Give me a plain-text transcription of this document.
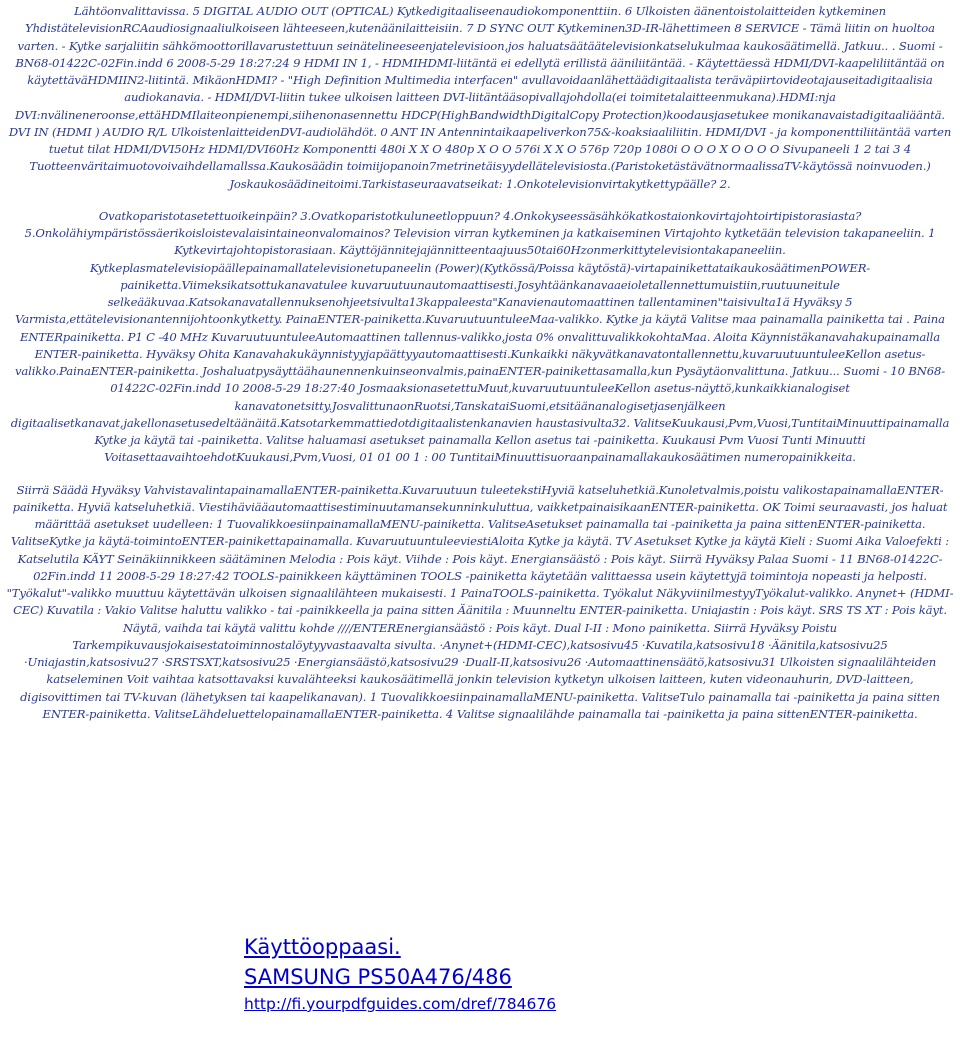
Lähtöonvalittavissa. 5 DIGITAL AUDIO OUT (OPTICAL) Kytkedigitaaliseenaudiokomponenttiin. 6 Ulkoisten äänentoistolaitteiden kytkeminen YhdistätelevisionRCAaudiosignaaliulkoiseen lähteeseen,kutenäänilaitteisiin. 7 D SYNC OUT Kytkeminen3D-IR-lähettimeen 8 SERVICE - Tämä liitin on huoltoa varten. - Kytke sarjaliitin sähkömoottorillavarustettuun seinätelineeseenjatelevisioon,jos haluatsäätäätelevisionkatselukulmaa kaukosäätimellä. Jatkuu.. . Suomi - BN68-01422C-02Fin.indd 6 2008-5-29 18:27:24 9 HDMI IN 1, - HDMIHDMI-liitäntä ei edellytä erillistä ääniliitäntää. - Käytettäessä HDMI/DVI-kaapeliliitäntää on käytettäväHDMIIN2-liitintä. MikäonHDMI? - "High Definition Multimedia interfacen" avullavoidaanlähettäädigitaalista teräväpiirtovideotajauseitadigitaalisia audiokanavia. - HDMI/DVI-liitin tukee ulkoisen laitteen DVI-liitäntääsopivallajohdolla(ei toimitetalaitteenmukana).HDMI:nja DVI:nvälineneroonse,ettäHDMIlaiteonpienempi,siihenonasennettu HDCP(HighBandwidthDigitalCopy Protection)koodausjasetukee monikanavaistadigitaaliääntä. DVI IN (HDMI ) AUDIO R/L UlkoistenlaitteidenDVI-audiolähdöt. 0 ANT IN Antennintaikaapeliverkon75&-koaksiaaliliitin. HDMI/DVI - ja komponenttiliitäntää varten tuetut tilat HDMI/DVI50Hz HDMI/DVI60Hz Komponentti 480i X X O 480p X O O 576i X X O 576p 720p 1080i O O O X O O O O Sivupaneeli 1 2 tai 3 4 Tuotteenväritaimuotovoivaihdellamallssa.Kaukosäädin toimiijopanoin7metrinetäisyydellätelevisiosta.(ParistoketästävätnormaalissaTV-käytössä noinvuoden.) Joskaukosäädineitoimi.Tarkistaseuraavatseikat: 1.Onkotelevisionvirtakytkettypäälle? 2.

Ovatkoparistotasetettuoikeinpäin? 3.Ovatkoparistotkuluneetloppuun? 4.Onkokyseessäsähkökatkostaionkovirtajohtoirtipistorasiasta? 5.Onkolähiympäristössäerikoisloistevalaisintaineonvalomainos? Television virran kytkeminen ja katkaiseminen Virtajohto kytketään television takapaneeliin. 1 Kytkevirtajohtopistorasiaan. Käyttöjännitejajännitteentaajuus50tai60Hzonmerkittytelevisiontakapaneeliin. Kytkeplasmatelevisiopäällepainamallatelevisionetupaneelin (Power)(Kytkössä/Poissa käytöstä)-virtapainikettataikaukosäätimenPOWER-painiketta.Viimeksikatsottukanavatulee kuvaruutuunautomaattisesti.Josyhtäänkanavaaeioletallennettumuistiin,ruutuuneitule selkeääkuvaa.Katsokanavatallennuksenohjeetsivulta13kappaleesta"Kanavienautomaattinen tallentaminen"taisivulta1ä Hyväksy 5 Varmista,ettätelevisionantennijohtoonkytketty. PainaENTER-painiketta.KuvaruutuuntuleeMaa-valikko. Kytke ja käytä Valitse maa painamalla painiketta tai . Paina ENTERpainiketta. P1 C -40 MHz KuvaruutuuntuleeAutomaattinen tallennus-valikko,josta 0% onvalittuvalikkokohtaMaa. Aloita Käynnistäkanavahakupainamalla ENTER-painiketta. Hyväksy Ohita Kanavahakukäynnistyyjapäättyyautomaattisesti.Kunkaikki näkyvätkanavatontallennettu,kuvaruutuuntuleeKellon asetus-valikko.PainaENTER-painiketta. Joshaluatpysäyttäähaunennenkuinseonvalmis,painaENTER-painikettasamalla,kun Pysäytäonvalittuna. Jatkuu... Suomi - 10 BN68-01422C-02Fin.indd 10 2008-5-29 18:27:40 JosmaaksionasetettuMuut,kuvaruutuuntuleeKellon asetus-näyttö,kunkaikkianalogiset kanavatonetsitty.JosvalittunaonRuotsi,TanskataiSuomi,etsitäänanalogisetjasenjälkeen digitaalisetkanavat,jakellonasetusedeltäänäitä.Katsotarkemmattiedotdigitaalistenkanavien haustasivulta32. ValitseKuukausi,Pvm,Vuosi,TuntitaiMinuuttipainamalla Kytke ja käytä tai -painiketta. Valitse haluamasi asetukset painamalla Kellon asetus tai -painiketta. Kuukausi Pvm Vuosi Tunti Minuutti VoitasettaavaihtoehdotKuukausi,Pvm,Vuosi, 01 01 00 1 : 00 TuntitaiMinuuttisuoraanpainamallakaukosäätimen numeropainikkeita.

Siirrä Säädä Hyväksy VahvistavalintapainamallaENTER-painiketta.Kuvaruutuun tuleetekstiHyviä katseluhetkiä.Kunoletvalmis,poistu valikostapainamallaENTER-painiketta. Hyviä katseluhetkiä. Viestihäviääautomaattisestiminuutamansekunninkuluttua, vaikketpainaisikaanENTER-painiketta. OK Toimi seuraavasti, jos haluat määrittää asetukset uudelleen: 1 TuovalikkoesiinpainamallaMENU-painiketta. ValitseAsetukset painamalla tai -painiketta ja paina sittenENTER-painiketta. ValitseKytke ja käytä-toimintoENTER-painikettapainamalla. KuvaruutuuntuleeviestiAloita Kytke ja käytä. TV Asetukset Kytke ja käytä Kieli : Suomi Aika Valoefekti : Katselutila KÄYT Seinäkiinnikkeen säätäminen Melodia : Pois käyt. Viihde : Pois käyt. Energiansäästö : Pois käyt. Siirrä Hyväksy Palaa Suomi - 11 BN68-01422C-02Fin.indd 11 2008-5-29 18:27:42 TOOLS-painikkeen käyttäminen TOOLS -painiketta käytetään valittaessa usein käytettyjä toimintoja nopeasti ja helposti. "Työkalut"-valikko muuttuu käytettävän ulkoisen signaalilähteen mukaisesti. 1 PainaTOOLS-painiketta. Työkalut NäkyviinilmestyyTyökalut-valikko. Anynet+ (HDMI-CEC) Kuvatila : Vakio Valitse haluttu valikko - tai -painikkeella ja paina sitten Äänitila : Muunneltu ENTER-painiketta. Uniajastin : Pois käyt. SRS TS XT : Pois käyt. Näytä, vaihda tai käytä valittu kohde ////ENTEREnergiansäästö : Pois käyt. Dual I-II : Mono painiketta. Siirrä Hyväksy Poistu Tarkempikuvausjokaisestatoiminnostalöytyyvastaavalta sivulta. ·Anynet+(HDMI-CEC),katsosivu45 ·Kuvatila,katsosivu18 ·Äänitila,katsosivu25 ·Uniajastin,katsosivu27 ·SRSTSXT,katsosivu25 ·Energiansäästö,katsosivu29 ·DualI-II,katsosivu26 ·Automaattinensäätö,katsosivu31 Ulkoisten signaalilähteiden katseleminen Voit vaihtaa katsottavaksi kuvalähteeksi kaukosäätimellä jonkin television kytketyn ulkoisen laitteen, kuten videonauhurin, DVD-laitteen, digisovittimen tai TV-kuvan (lähetyksen tai kaapelikanavan). 1 TuovalikkoesiinpainamallaMENU-painiketta. ValitseTulo painamalla tai -painiketta ja paina sitten ENTER-painiketta. ValitseLähdeluettelopainamallaENTER-painiketta. 4 Valitse signaalilähde painamalla tai -painiketta ja paina sittenENTER-painiketta.

Käyttöoppaasi.
SAMSUNG PS50A476/486
http://fi.yourpdfguides.com/dref/784676
